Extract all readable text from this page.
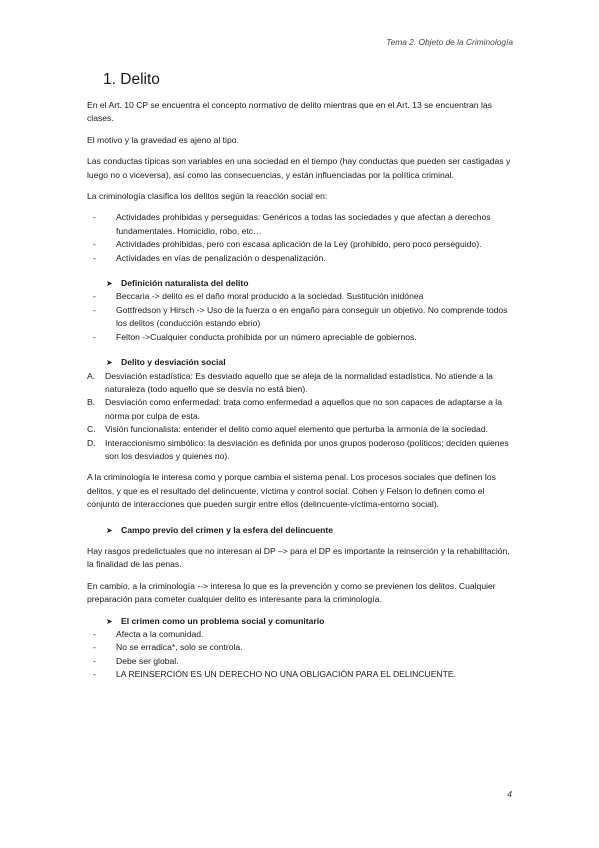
Tema 2. Objeto de la Criminología
1. Delito

En el Art. 10 CP se encuentra el concepto normativo de delito mientras que en el Art. 13 se encuentran las clases.

El motivo y la gravedad es ajeno al tipo.

Las conductas típicas son variables en una sociedad en el tiempo (hay conductas que pueden ser castigadas y luego no o viceversa), así como las consecuencias, y están influenciadas por la política criminal.

La criminología clasifica los delitos según la reacción social en:

- Actividades prohibidas y perseguidas: Genéricos a todas las sociedades y que afectan a derechos fundamentales. Homicidio, robo, etc…
- Actividades prohibidas, pero con escasa aplicación de la Ley (prohibido, pero poco perseguido).
- Actividades en vías de penalización o despenalización.
➤ Definición naturalista del delito
- Beccaria -> delito es el daño moral producido a la sociedad. Sustitución inidónea
- Gottfredson y Hirsch -> Uso de la fuerza o en engaño para conseguir un objetivo. No comprende todos los delitos (conducción estando ebrio)
- Felton ->Cualquier conducta prohibida por un número apreciable de gobiernos.
➤ Delito y desviación social
A. Desviación estadística: Es desviado aquello que se aleja de la normalidad estadística. No atiende a la naturaleza (todo aquello que se desvía no está bien).
B. Desviación como enfermedad: trata como enfermedad a aquellos que no son capaces de adaptarse a la norma por culpa de esta.
C. Visión funcionalista: entender el delito como aquel elemento que perturba la armonía de la sociedad.
D. Interaccionismo simbólico: la desviación es definida por unos grupos poderoso (políticos; deciden quienes son los desviados y quienes no).

A la criminología le interesa como y porque cambia el sistema penal. Los procesos sociales que definen los delitos, y que es el resultado del delincuente, víctima y control social. Cohen y Felson lo definen como el conjunto de interacciones que pueden surgir entre ellos (delincuente-víctima-entorno social).

➤ Campo previo del crimen y la esfera del delincuente

Hay rasgos predelictuales que no interesan al DP –> para el DP es importante la reinserción y la rehabilitación, la finalidad de las penas.

En cambio, a la criminología --> interesa lo que es la prevención y como se previenen los delitos. Cualquier preparación para cometer cualquier delito es interesante para la criminología.

➤ El crimen como un problema social y comunitario
- Afecta a la comunidad.
- No se erradica*, solo se controla.
- Debe ser global.
- LA REINSERCIÓN ES UN DERECHO NO UNA OBLIGACIÓN PARA EL DELINCUENTE.
4
